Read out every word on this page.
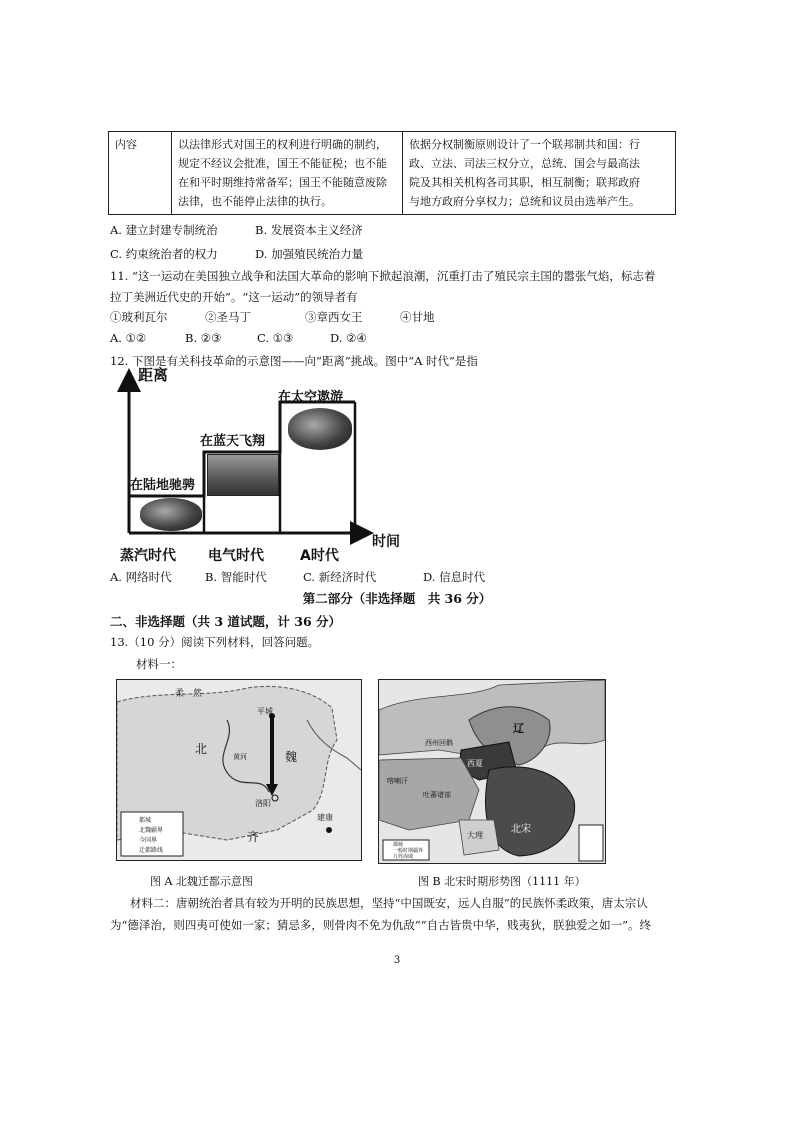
内容	以法律形式对国王的权利进行明确的制约，
规定不经议会批准，国王不能征税；也不能
在和平时期维持常备军；国王不能随意废除
法律，也不能停止法律的执行。

依据分权制衡原则设计了一个联邦制共和国：行
政、立法、司法三权分立，总统、国会与最高法
院及其相关机构各司其职，相互制衡；联邦政府
与地方政府分享权力；总统和议员由选举产生。
A. 建立封建专制统治	B. 发展资本主义经济
C. 约束统治者的权力	D. 加强殖民统治力量
11. “这一运动在美国独立战争和法国大革命的影响下掀起浪潮，沉重打击了殖民宗主国的嚣张气焰，标志着
拉丁美洲近代史的开始”。“这一运动”的领导者有
①玻利瓦尔	②圣马丁	③章西女王	④甘地
A. ①②	B. ②③	C. ①③	D. ②④
12. 下图是有关科技革命的示意图——向“距离”挑战。图中“A 时代”是指
距离
时间
在陆地驰骋
在蓝天飞翔
在太空遨游
蒸汽时代 电气时代	A时代
A. 网络时代	B. 智能时代	C. 新经济时代	D. 信息时代
第二部分（非选择题　共 36 分）
二、非选择题（共 3 道试题，计 36 分）
13.（10 分）阅读下列材料，回答问题。
材料一：
柔　然
北
魏
平城
洛阳
齐
建康
黄河
都城
北魏疆界
今国界
迁都路线
图 A 北魏迁都示意图
辽
西夏
北宋
大理
西州回鹘
吐蕃诸部
喀喇汗
都城
一般时期疆界
九姓海域
图 B 北宋时期形势图（1111 年）
材料二：唐朝统治者具有较为开明的民族思想，坚持“中国既安，远人自服”的民族怀柔政策，唐太宗认
为“德泽治，则四夷可使如一家；猜忌多，则骨肉不免为仇敌”“自古皆贵中华，贱夷狄，朕独爱之如一”。终
3
